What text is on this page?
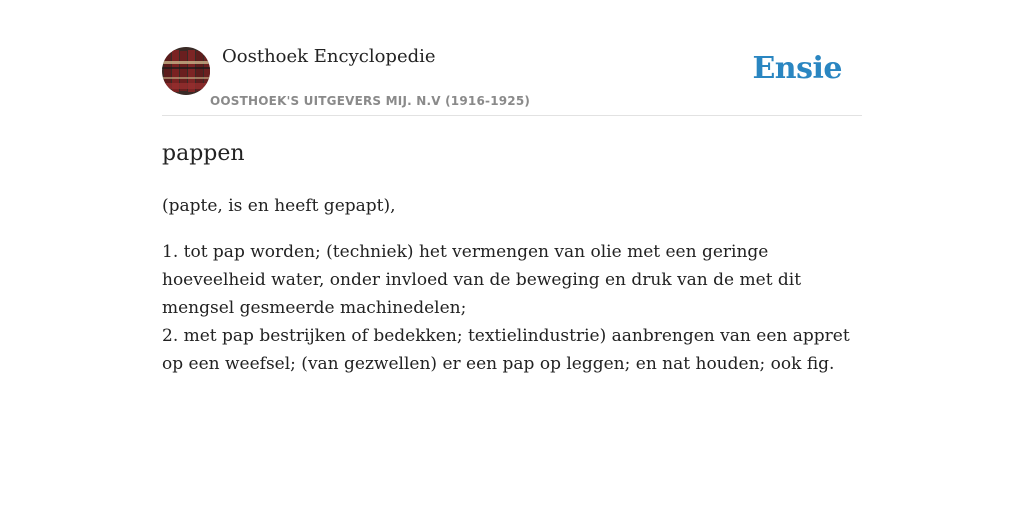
Oosthoek Encyclopedie
OOSTHOEK'S UITGEVERS MIJ. N.V (1916-1925)
Ensie
pappen

(papte, is en heeft gepapt),

1. tot pap worden; (techniek) het vermengen van olie met een geringe hoeveelheid water, onder invloed van de beweging en druk van de met dit mengsel gesmeerde machinedelen;
2. met pap bestrijken of bedekken; textielindustrie) aanbrengen van een appret op een weefsel; (van gezwellen) er een pap op leggen; en nat houden; ook fig.
